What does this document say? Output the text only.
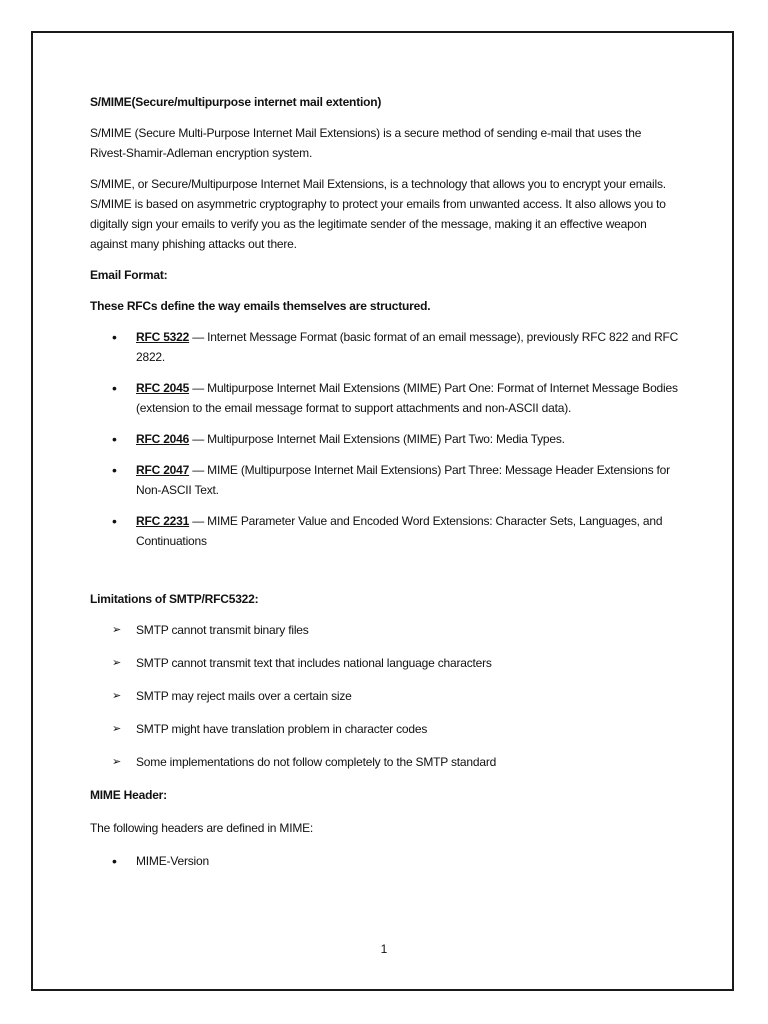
S/MIME(Secure/multipurpose internet mail extention)

S/MIME (Secure Multi-Purpose Internet Mail Extensions) is a secure method of sending e-mail that uses the Rivest-Shamir-Adleman encryption system.

S/MIME, or Secure/Multipurpose Internet Mail Extensions, is a technology that allows you to encrypt your emails. S/MIME is based on asymmetric cryptography to protect your emails from unwanted access. It also allows you to digitally sign your emails to verify you as the legitimate sender of the message, making it an effective weapon against many phishing attacks out there.

Email Format:

These RFCs define the way emails themselves are structured.

• RFC 5322 — Internet Message Format (basic format of an email message), previously RFC 822 and RFC 2822.
• RFC 2045 — Multipurpose Internet Mail Extensions (MIME) Part One: Format of Internet Message Bodies (extension to the email message format to support attachments and non-ASCII data).
• RFC 2046 — Multipurpose Internet Mail Extensions (MIME) Part Two: Media Types.
• RFC 2047 — MIME (Multipurpose Internet Mail Extensions) Part Three: Message Header Extensions for Non-ASCII Text.
• RFC 2231 — MIME Parameter Value and Encoded Word Extensions: Character Sets, Languages, and Continuations

Limitations of SMTP/RFC5322:

➢ SMTP cannot transmit binary files
➢ SMTP cannot transmit text that includes national language characters
➢ SMTP may reject mails over a certain size
➢ SMTP might have translation problem in character codes
➢ Some implementations do not follow completely to the SMTP standard

MIME Header:

The following headers are defined in MIME:

• MIME-Version
1
